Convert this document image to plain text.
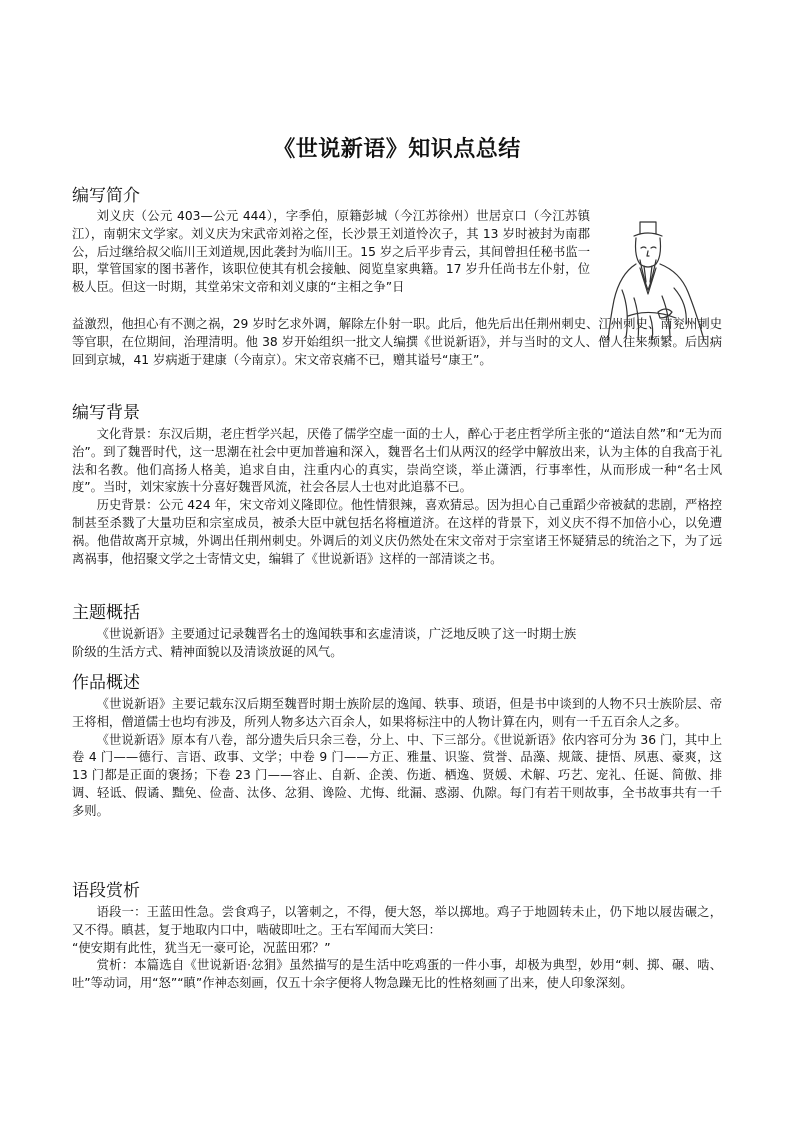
《世说新语》知识点总结
编写简介
刘义庆（公元 403—公元 444），字季伯，原籍彭城（今江苏徐州）世居京口（今江苏镇江），南朝宋文学家。刘义庆为宋武帝刘裕之侄，长沙景王刘道怜次子，其 13 岁时被封为南郡公，后过继给叔父临川王刘道规,因此袭封为临川王。15 岁之后平步青云，其间曾担任秘书监一职，掌管国家的图书著作，该职位使其有机会接触、阅览皇家典籍。17 岁升任尚书左仆射，位极人臣。但这一时期，其堂弟宋文帝和刘义康的“主相之争”日
益激烈，他担心有不测之祸，29 岁时乞求外调，解除左仆射一职。此后，他先后出任荆州刺史、江州刺史、南兖州刺史等官职，在位期间，治理清明。他 38 岁开始组织一批文人编撰《世说新语》，并与当时的文人、僧人往来频繁。后因病回到京城，41 岁病逝于建康（今南京）。宋文帝哀痛不已，赠其谥号“康王”。
编写背景

文化背景：东汉后期，老庄哲学兴起，厌倦了儒学空虚一面的士人，醉心于老庄哲学所主张的“道法自然”和“无为而治”。到了魏晋时代，这一思潮在社会中更加普遍和深入，魏晋名士们从两汉的经学中解放出来，认为主体的自我高于礼法和名教。他们高扬人格美，追求自由，注重内心的真实，崇尚空谈，举止潇洒，行事率性，从而形成一种“名士风度”。当时，刘宋家族十分喜好魏晋风流，社会各层人士也对此追慕不已。

历史背景：公元 424 年，宋文帝刘义隆即位。他性情狠辣，喜欢猜忌。因为担心自己重蹈少帝被弑的悲剧，严格控制甚至杀戮了大量功臣和宗室成员，被杀大臣中就包括名将檀道济。在这样的背景下，刘义庆不得不加倍小心，以免遭祸。他借故离开京城，外调出任荆州刺史。外调后的刘义庆仍然处在宋文帝对于宗室诸王怀疑猜忌的统治之下，为了远离祸事，他招聚文学之士寄情文史，编辑了《世说新语》这样的一部清谈之书。

主题概括

《世说新语》主要通过记录魏晋名士的逸闻轶事和玄虚清谈，广泛地反映了这一时期士族

阶级的生活方式、精神面貌以及清谈放诞的风气。

作品概述

《世说新语》主要记载东汉后期至魏晋时期士族阶层的逸闻、轶事、琐语，但是书中谈到的人物不只士族阶层、帝王将相，僧道儒士也均有涉及，所列人物多达六百余人，如果将标注中的人物计算在内，则有一千五百余人之多。

《世说新语》原本有八卷，部分遗失后只余三卷，分上、中、下三部分。《世说新语》依内容可分为 36 门，其中上卷 4 门——德行、言语、政事、文学；中卷 9 门——方正、雅量、识鉴、赏誉、品藻、规箴、捷悟、夙惠、豪爽，这 13 门都是正面的褒扬；下卷 23 门——容止、自新、企羡、伤逝、栖逸、贤媛、术解、巧艺、宠礼、任诞、简傲、排调、轻诋、假谲、黜免、俭啬、汰侈、忿狷、谗险、尤悔、纰漏、惑溺、仇隙。每门有若干则故事，全书故事共有一千多则。

语段赏析

语段一：王蓝田性急。尝食鸡子，以箸刺之，不得，便大怒，举以掷地。鸡子于地圆转未止，仍下地以屐齿碾之，又不得。瞋甚，复于地取内口中，啮破即吐之。王右军闻而大笑曰：

“使安期有此性，犹当无一豪可论，况蓝田邪？”

赏析：本篇选自《世说新语·忿狷》虽然描写的是生活中吃鸡蛋的一件小事，却极为典型，妙用“刺、掷、碾、啮、吐”等动词，用“怒”“瞋”作神态刻画，仅五十余字便将人物急躁无比的性格刻画了出来，使人印象深刻。
